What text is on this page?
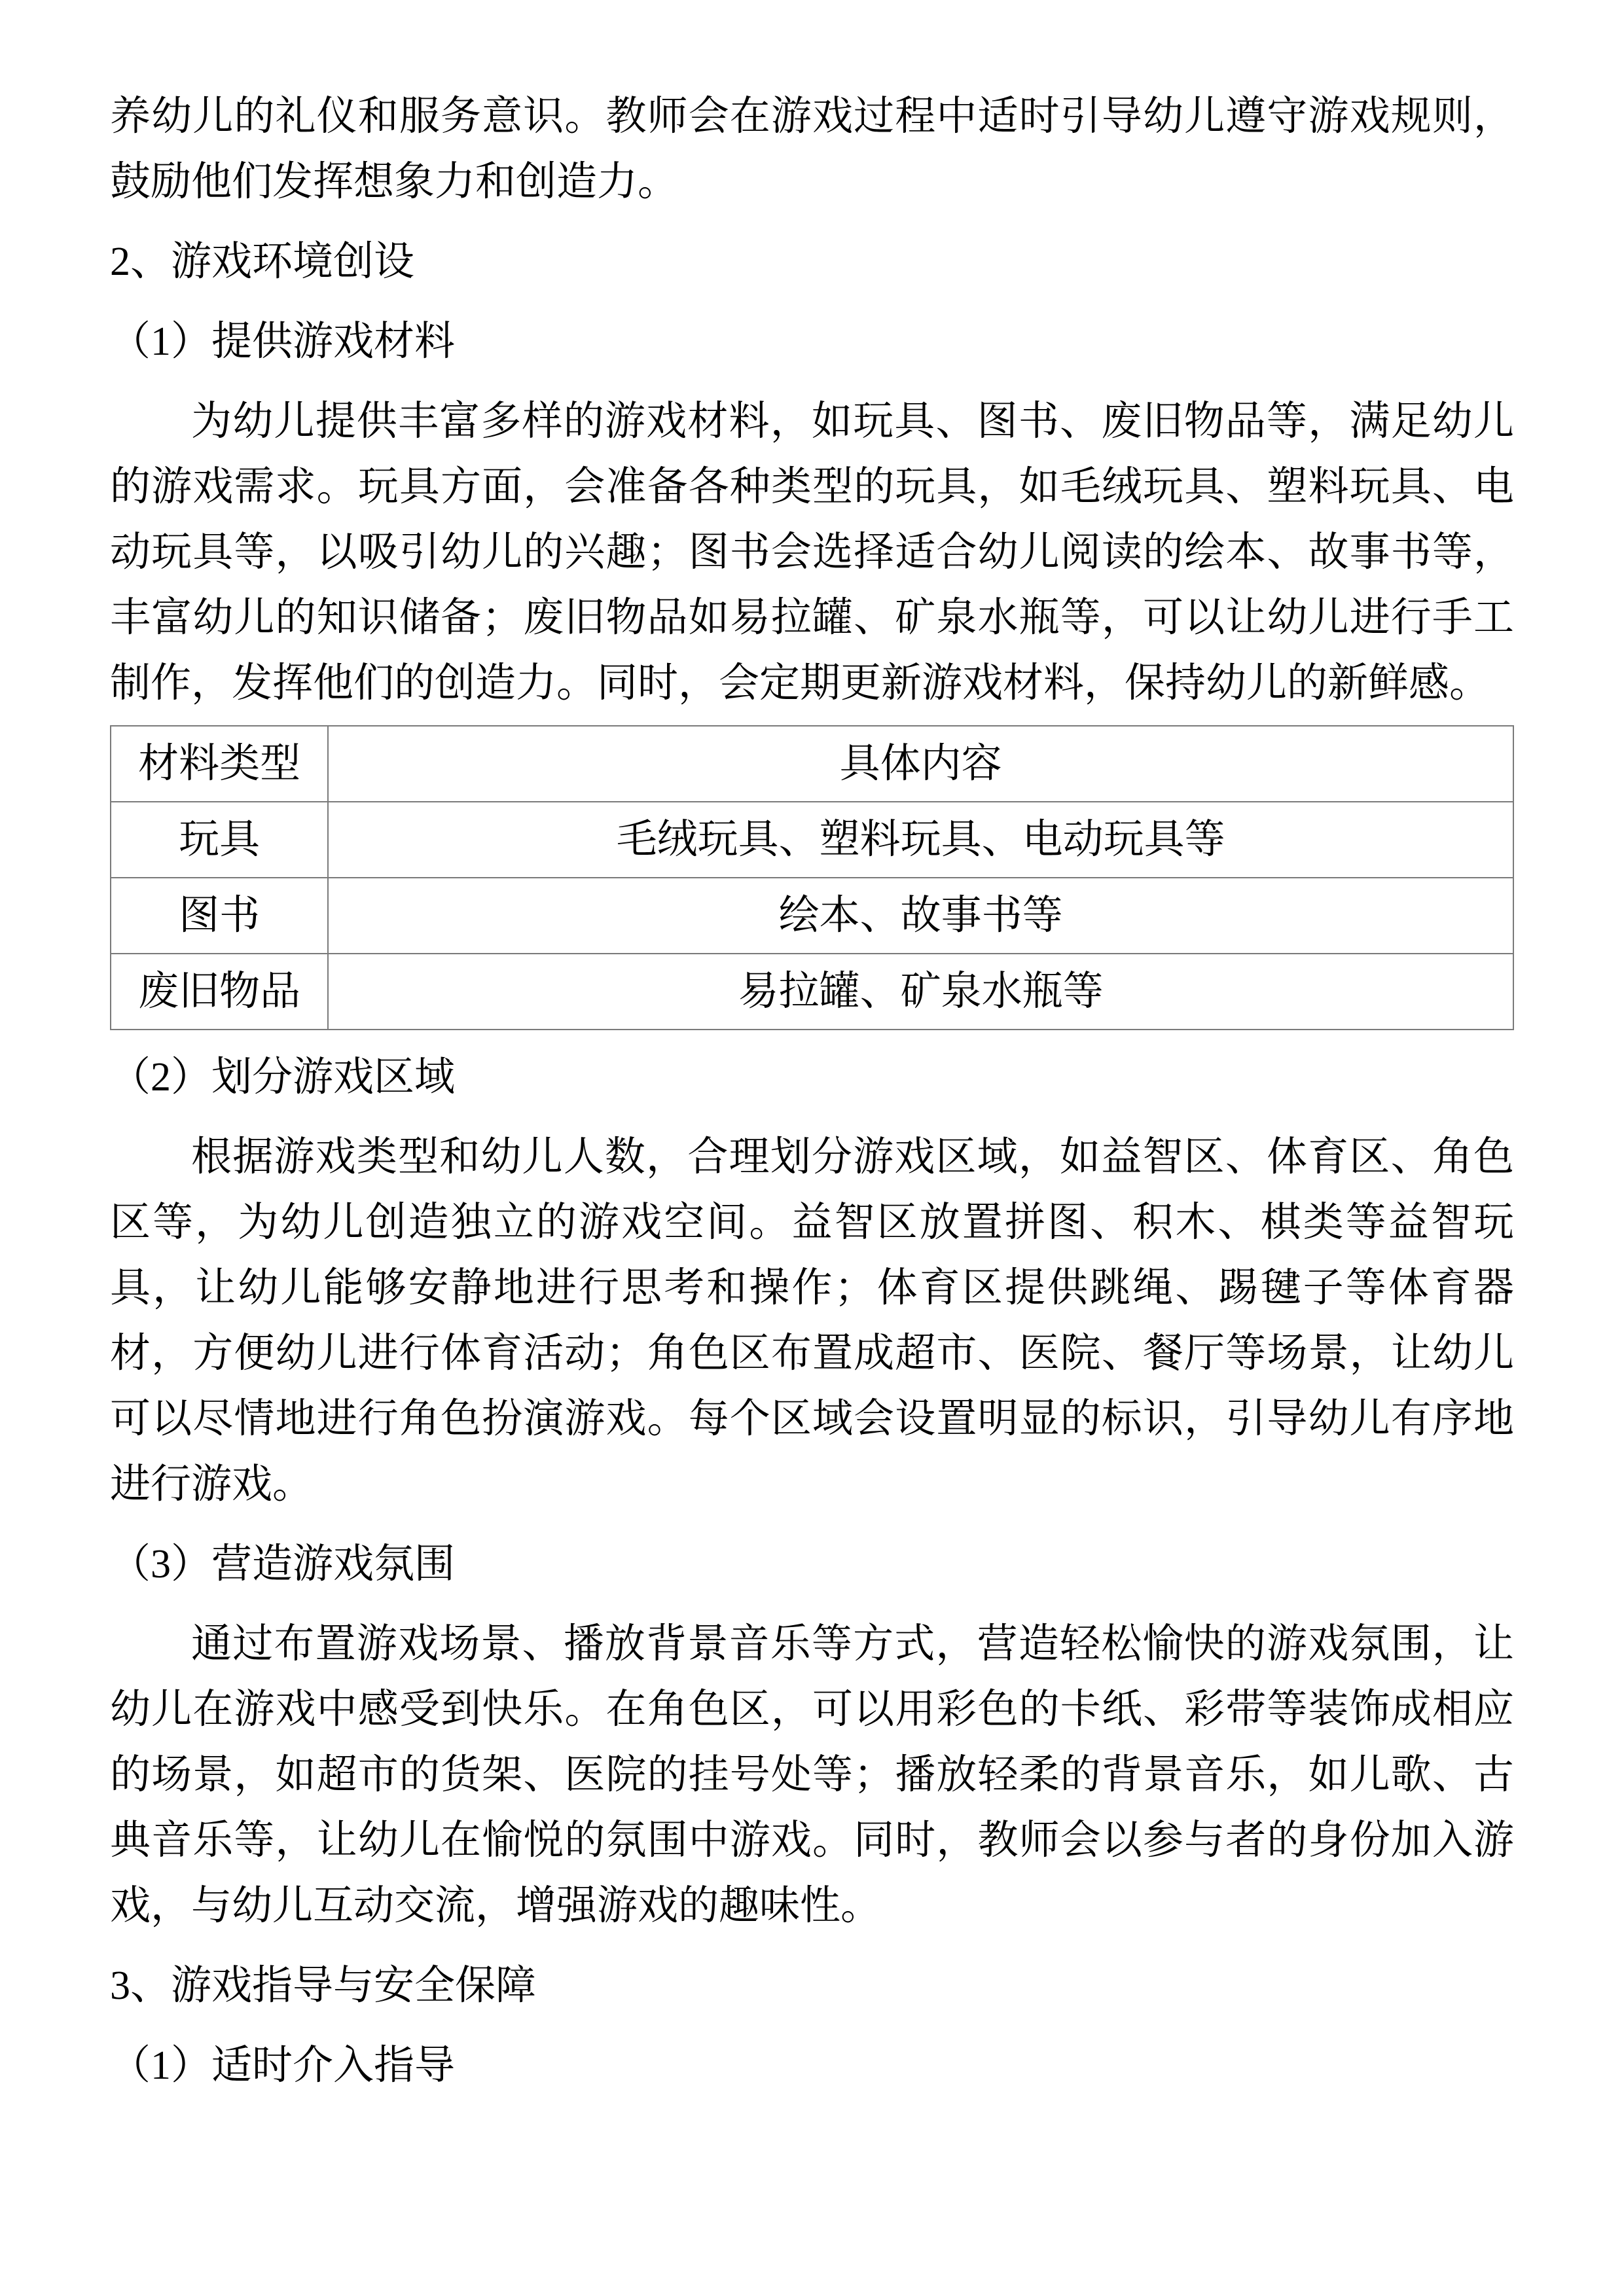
养幼儿的礼仪和服务意识。教师会在游戏过程中适时引导幼儿遵守游戏规则，鼓励他们发挥想象力和创造力。

2、游戏环境创设

（1）提供游戏材料

为幼儿提供丰富多样的游戏材料，如玩具、图书、废旧物品等，满足幼儿的游戏需求。玩具方面，会准备各种类型的玩具，如毛绒玩具、塑料玩具、电动玩具等，以吸引幼儿的兴趣；图书会选择适合幼儿阅读的绘本、故事书等，丰富幼儿的知识储备；废旧物品如易拉罐、矿泉水瓶等，可以让幼儿进行手工制作，发挥他们的创造力。同时，会定期更新游戏材料，保持幼儿的新鲜感。

材料类型	具体内容
玩具	毛绒玩具、塑料玩具、电动玩具等
图书	绘本、故事书等
废旧物品	易拉罐、矿泉水瓶等

（2）划分游戏区域

根据游戏类型和幼儿人数，合理划分游戏区域，如益智区、体育区、角色区等，为幼儿创造独立的游戏空间。益智区放置拼图、积木、棋类等益智玩具，让幼儿能够安静地进行思考和操作；体育区提供跳绳、踢毽子等体育器材，方便幼儿进行体育活动；角色区布置成超市、医院、餐厅等场景，让幼儿可以尽情地进行角色扮演游戏。每个区域会设置明显的标识，引导幼儿有序地进行游戏。

（3）营造游戏氛围

通过布置游戏场景、播放背景音乐等方式，营造轻松愉快的游戏氛围，让幼儿在游戏中感受到快乐。在角色区，可以用彩色的卡纸、彩带等装饰成相应的场景，如超市的货架、医院的挂号处等；播放轻柔的背景音乐，如儿歌、古典音乐等，让幼儿在愉悦的氛围中游戏。同时，教师会以参与者的身份加入游戏，与幼儿互动交流，增强游戏的趣味性。

3、游戏指导与安全保障

（1）适时介入指导
